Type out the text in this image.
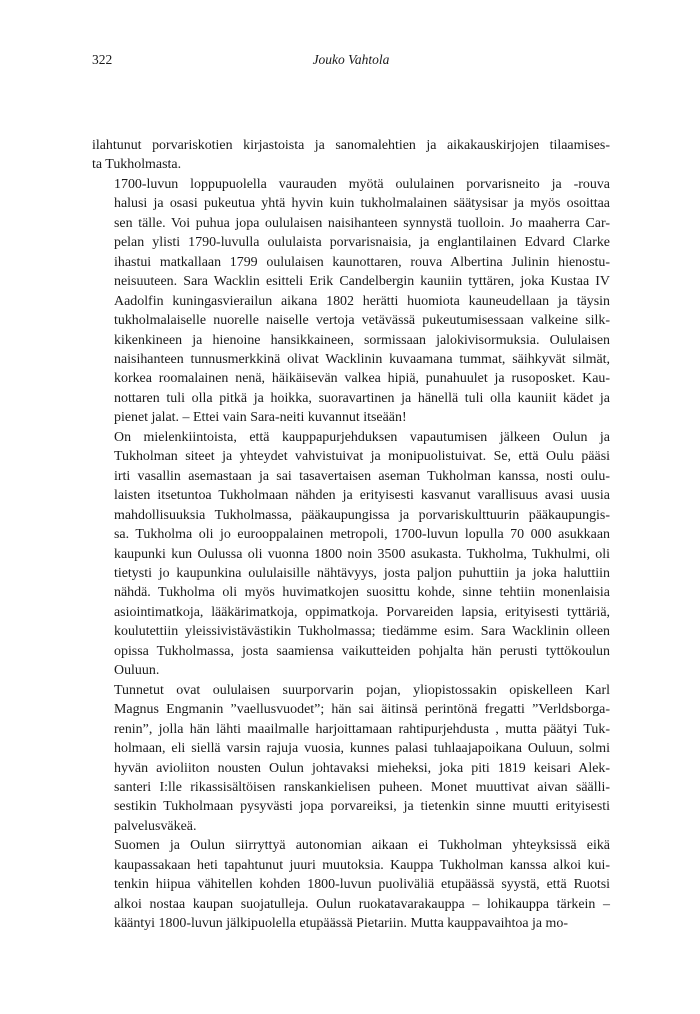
322	Jouko Vahtola

ilahtunut porvariskotien kirjastoista ja sanomalehtien ja aikakauskirjojen tilaamises-
ta Tukholmasta.

1700-luvun loppupuolella vaurauden myötä oululainen porvarisneito ja -rouva
halusi ja osasi pukeutua yhtä hyvin kuin tukholmalainen säätysisar ja myös osoittaa
sen tälle. Voi puhua jopa oululaisen naisihanteen synnystä tuolloin. Jo maaherra Car-
pelan ylisti 1790-luvulla oululaista porvarisnaisia, ja englantilainen Edvard Clarke
ihastui matkallaan 1799 oululaisen kaunottaren, rouva Albertina Julinin hienostu-
neisuuteen. Sara Wacklin esitteli Erik Candelbergin kauniin tyttären, joka Kustaa IV
Aadolfin kuningasvierailun aikana 1802 herätti huomiota kauneudellaan ja täysin
tukholmalaiselle nuorelle naiselle vertoja vetävässä pukeutumisessaan valkeine silk-
kikenkineen ja hienoine hansikkaineen, sormissaan jalokivisormuksia. Oululaisen
naisihanteen tunnusmerkkinä olivat Wacklinin kuvaamana tummat, säihkyvät silmät,
korkea roomalainen nenä, häikäisevän valkea hipiä, punahuulet ja rusoposket. Kau-
nottaren tuli olla pitkä ja hoikka, suoravartinen ja hänellä tuli olla kauniit kädet ja
pienet jalat. – Ettei vain Sara-neiti kuvannut itseään!

On mielenkiintoista, että kauppapurjehduksen vapautumisen jälkeen Oulun ja
Tukholman siteet ja yhteydet vahvistuivat ja monipuolistuivat. Se, että Oulu pääsi
irti vasallin asemastaan ja sai tasavertaisen aseman Tukholman kanssa, nosti oulu-
laisten itsetuntoa Tukholmaan nähden ja erityisesti kasvanut varallisuus avasi uusia
mahdollisuuksia Tukholmassa, pääkaupungissa ja porvariskulttuurin pääkaupungis-
sa. Tukholma oli jo eurooppalainen metropoli, 1700-luvun lopulla 70 000 asukkaan
kaupunki kun Oulussa oli vuonna 1800 noin 3500 asukasta. Tukholma, Tukhulmi, oli
tietysti jo kaupunkina oululaisille nähtävyys, josta paljon puhuttiin ja joka haluttiin
nähdä. Tukholma oli myös huvimatkojen suosittu kohde, sinne tehtiin monenlaisia
asiointimatkoja, lääkärimatkoja, oppimatkoja. Porvareiden lapsia, erityisesti tyttäriä,
koulutettiin yleissivistävästikin Tukholmassa; tiedämme esim. Sara Wacklinin olleen
opissa Tukholmassa, josta saamiensa vaikutteiden pohjalta hän perusti tyttökoulun
Ouluun.

Tunnetut ovat oululaisen suurporvarin pojan, yliopistossakin opiskelleen Karl
Magnus Engmanin ”vaellusvuodet”; hän sai äitinsä perintönä fregatti ”Verldsborga-
renin”, jolla hän lähti maailmalle harjoittamaan rahtipurjehdusta , mutta päätyi Tuk-
holmaan, eli siellä varsin rajuja vuosia, kunnes palasi tuhlaajapoikana Ouluun, solmi
hyvän avioliiton nousten Oulun johtavaksi mieheksi, joka piti 1819 keisari Alek-
santeri I:lle rikassisältöisen ranskankielisen puheen. Monet muuttivat aivan säälli-
sestikin Tukholmaan pysyvästi jopa porvareiksi, ja tietenkin sinne muutti erityisesti
palvelusväkeä.

Suomen ja Oulun siirryttyä autonomian aikaan ei Tukholman yhteyksissä eikä
kaupassakaan heti tapahtunut juuri muutoksia. Kauppa Tukholman kanssa alkoi kui-
tenkin hiipua vähitellen kohden 1800-luvun puoliväliä etupäässä syystä, että Ruotsi
alkoi nostaa kaupan suojatulleja. Oulun ruokatavarakauppa – lohikauppa tärkein –
kääntyi 1800-luvun jälkipuolella etupäässä Pietariin. Mutta kauppavaihtoa ja mo-
